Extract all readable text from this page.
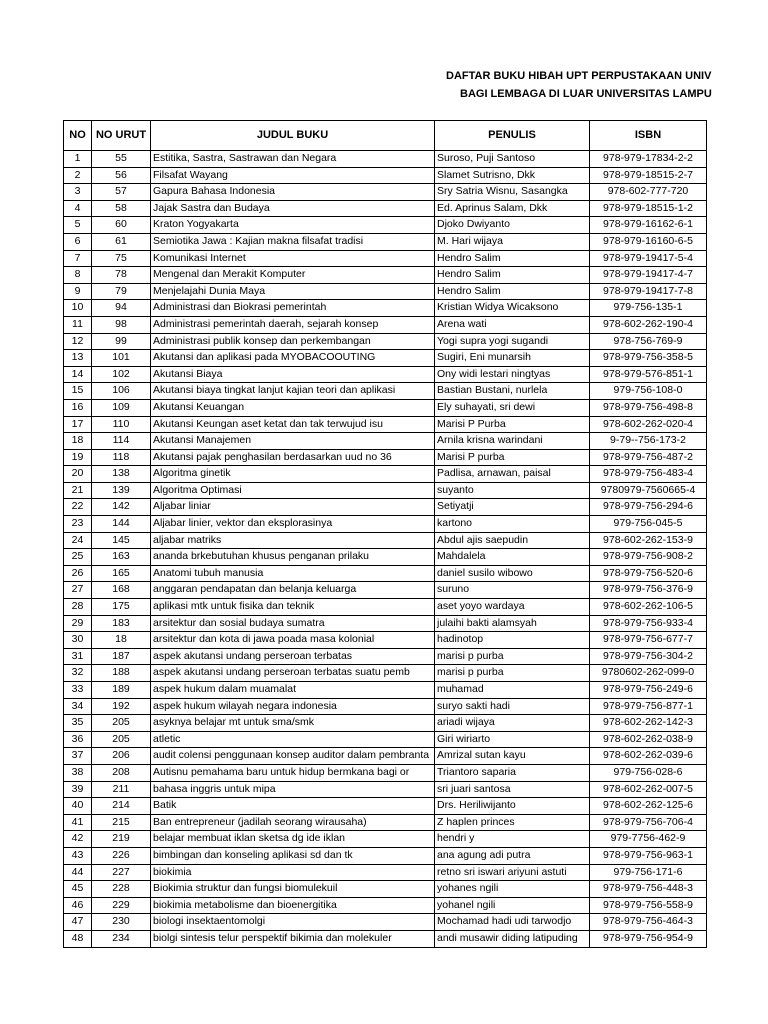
DAFTAR BUKU HIBAH UPT PERPUSTAKAAN UNIV
BAGI LEMBAGA DI LUAR UNIVERSITAS LAMPU
NO	NO URUT	JUDUL BUKU	PENULIS	ISBN
1	55	Estitika, Sastra, Sastrawan dan Negara	Suroso, Puji Santoso	978-979-17834-2-2
2	56	Filsafat Wayang	Slamet Sutrisno, Dkk	978-979-18515-2-7
3	57	Gapura Bahasa Indonesia	Sry Satria Wisnu, Sasangka	978-602-777-720
4	58	Jajak Sastra dan Budaya	Ed. Aprinus Salam, Dkk	978-979-18515-1-2
5	60	Kraton Yogyakarta	Djoko Dwiyanto	978-979-16162-6-1
6	61	Semiotika Jawa : Kajian makna filsafat tradisi	M. Hari wijaya	978-979-16160-6-5
7	75	Komunikasi Internet	Hendro Salim	978-979-19417-5-4
8	78	Mengenal dan Merakit Komputer	Hendro Salim	978-979-19417-4-7
9	79	Menjelajahi Dunia Maya	Hendro Salim	978-979-19417-7-8
10	94	Administrasi dan Biokrasi pemerintah	Kristian Widya Wicaksono	979-756-135-1
11	98	Administrasi pemerintah daerah, sejarah konsep	Arena wati	978-602-262-190-4
12	99	Administrasi publik konsep dan perkembangan	Yogi supra yogi sugandi	978-756-769-9
13	101	Akutansi dan aplikasi pada MYOBACOOUTING	Sugiri, Eni munarsih	978-979-756-358-5
14	102	Akutansi Biaya	Ony widi lestari ningtyas	978-979-576-851-1
15	106	Akutansi biaya tingkat lanjut kajian teori dan aplikasi	Bastian Bustani, nurlela	979-756-108-0
16	109	Akutansi Keuangan	Ely suhayati, sri dewi	978-979-756-498-8
17	110	Akutansi Keungan aset ketat dan tak terwujud isu	Marisi P Purba	978-602-262-020-4
18	114	Akutansi Manajemen	Arnila krisna warindani	9-79--756-173-2
19	118	Akutansi pajak penghasilan berdasarkan uud no 36	Marisi P purba	978-979-756-487-2
20	138	Algoritma ginetik	Padlisa, arnawan, paisal	978-979-756-483-4
21	139	Algoritma Optimasi	suyanto	9780979-7560665-4
22	142	Aljabar liniar	Setiyatji	978-979-756-294-6
23	144	Aljabar linier, vektor dan eksplorasinya	kartono	979-756-045-5
24	145	aljabar matriks	Abdul ajis saepudin	978-602-262-153-9
25	163	ananda brkebutuhan khusus penganan prilaku	Mahdalela	978-979-756-908-2
26	165	Anatomi tubuh manusia	daniel susilo wibowo	978-979-756-520-6
27	168	anggaran pendapatan dan belanja keluarga	suruno	978-979-756-376-9
28	175	aplikasi mtk untuk fisika dan teknik	aset yoyo wardaya	978-602-262-106-5
29	183	arsitektur dan sosial budaya sumatra	julaihi bakti alamsyah	978-979-756-933-4
30	18	arsitektur dan kota di jawa poada masa kolonial	hadinotop	978-979-756-677-7
31	187	aspek akutansi undang perseroan terbatas	marisi p purba	978-979-756-304-2
32	188	aspek akutansi undang perseroan terbatas suatu pemb	marisi p purba	9780602-262-099-0
33	189	aspek hukum dalam muamalat	muhamad	978-979-756-249-6
34	192	aspek hukum wilayah negara indonesia	suryo sakti hadi	978-979-756-877-1
35	205	asyknya belajar mt untuk sma/smk	ariadi wijaya	978-602-262-142-3
36	205	atletic	Giri wiriarto	978-602-262-038-9
37	206	audit colensi penggunaan konsep auditor dalam pembranta	Amrizal sutan kayu	978-602-262-039-6
38	208	Autisnu pemahama baru untuk hidup bermkana bagi or	Triantoro saparia	979-756-028-6
39	211	bahasa inggris untuk mipa	sri juari santosa	978-602-262-007-5
40	214	Batik	Drs. Heriliwijanto	978-602-262-125-6
41	215	Ban entrepreneur (jadilah seorang wirausaha)	Z haplen princes	978-979-756-706-4
42	219	belajar membuat iklan sketsa dg ide iklan	hendri y	979-7756-462-9
43	226	bimbingan dan konseling aplikasi sd dan tk	ana agung adi putra	978-979-756-963-1
44	227	biokimia	retno sri iswari ariyuni astuti	979-756-171-6
45	228	Biokimia struktur dan fungsi biomulekuil	yohanes ngili	978-979-756-448-3
46	229	biokimia metabolisme dan bioenergitika	yohanel ngili	978-979-756-558-9
47	230	biologi insektaentomolgi	Mochamad hadi udi tarwodjo	978-979-756-464-3
48	234	biolgi sintesis telur perspektif bikimia dan molekuler	andi musawir diding latipuding	978-979-756-954-9
